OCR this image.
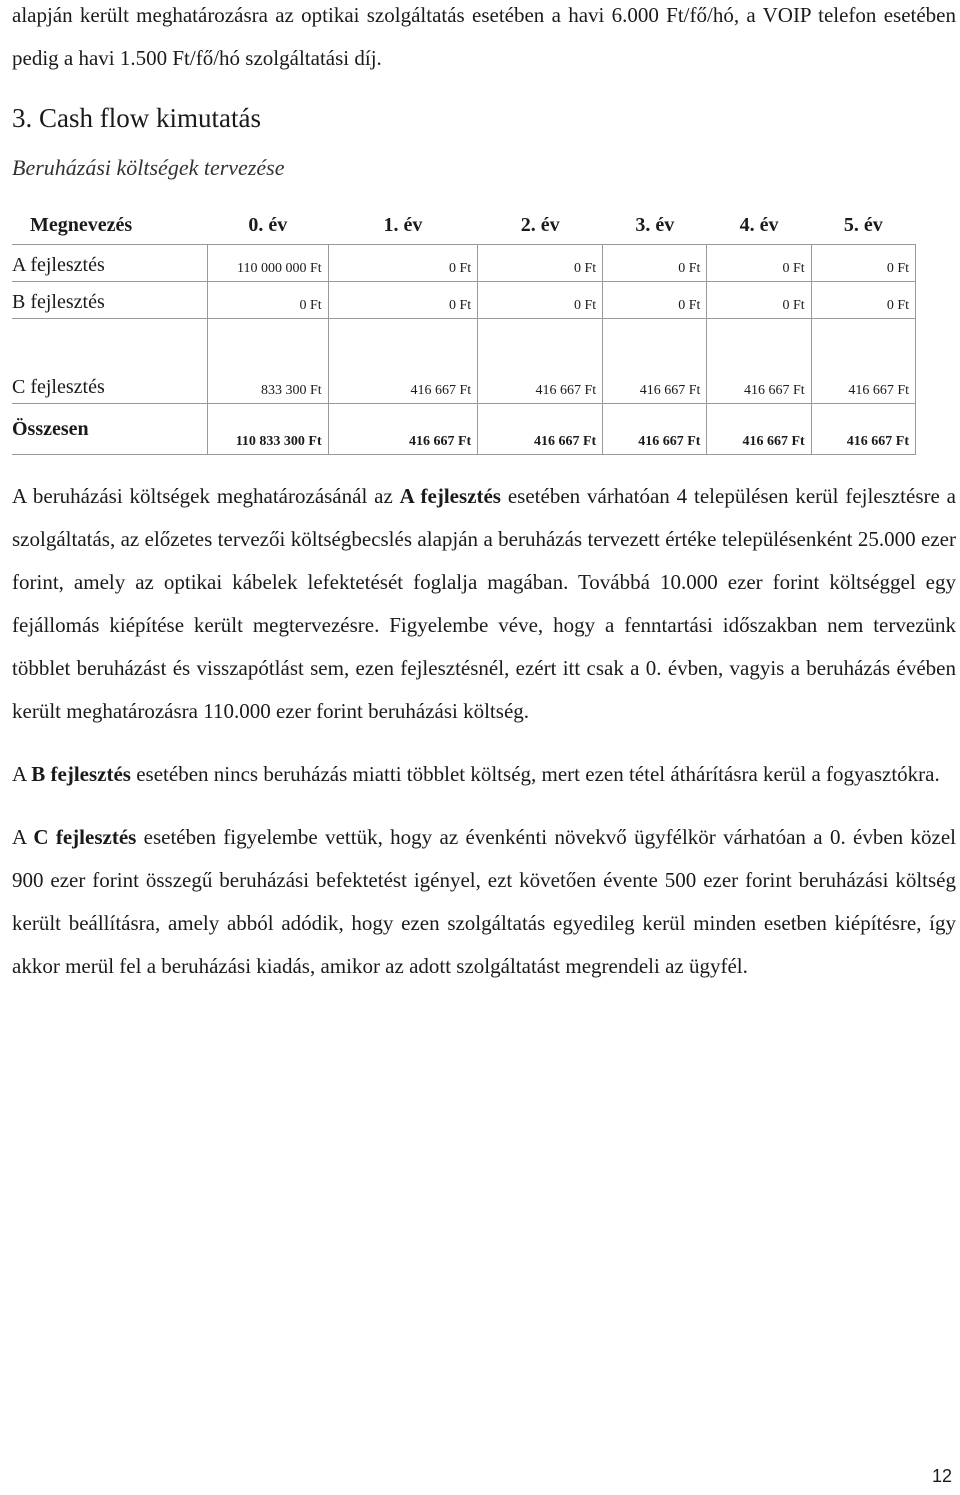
alapján került meghatározásra az optikai szolgáltatás esetében a havi 6.000 Ft/fő/hó, a VOIP telefon esetében pedig a havi 1.500 Ft/fő/hó szolgáltatási díj.

3. Cash flow kimutatás
Beruházási költségek tervezése
Megnevezés	0. év	1. év	2. év	3. év	4. év	5. év
A fejlesztés	110 000 000 Ft	0 Ft	0 Ft	0 Ft	0 Ft	0 Ft
B fejlesztés	0 Ft	0 Ft	0 Ft	0 Ft	0 Ft	0 Ft
C fejlesztés	833 300 Ft	416 667 Ft	416 667 Ft	416 667 Ft	416 667 Ft	416 667 Ft
Összesen	110 833 300 Ft	416 667 Ft	416 667 Ft	416 667 Ft	416 667 Ft	416 667 Ft

A beruházási költségek meghatározásánál az A fejlesztés esetében várhatóan 4 településen kerül fejlesztésre a szolgáltatás, az előzetes tervezői költségbecslés alapján a beruházás tervezett értéke településenként 25.000 ezer forint, amely az optikai kábelek lefektetését foglalja magában. Továbbá 10.000 ezer forint költséggel egy fejállomás kiépítése került megtervezésre. Figyelembe véve, hogy a fenntartási időszakban nem tervezünk többlet beruházást és visszapótlást sem, ezen fejlesztésnél, ezért itt csak a 0. évben, vagyis a beruházás évében került meghatározásra 110.000 ezer forint beruházási költség.

A B fejlesztés esetében nincs beruházás miatti többlet költség, mert ezen tétel áthárításra kerül a fogyasztókra.

A C fejlesztés esetében figyelembe vettük, hogy az évenkénti növekvő ügyfélkör várhatóan a 0. évben közel 900 ezer forint összegű beruházási befektetést igényel, ezt követően évente 500 ezer forint beruházási költség került beállításra, amely abból adódik, hogy ezen szolgáltatás egyedileg kerül minden esetben kiépítésre, így akkor merül fel a beruházási kiadás, amikor az adott szolgáltatást megrendeli az ügyfél.

12
